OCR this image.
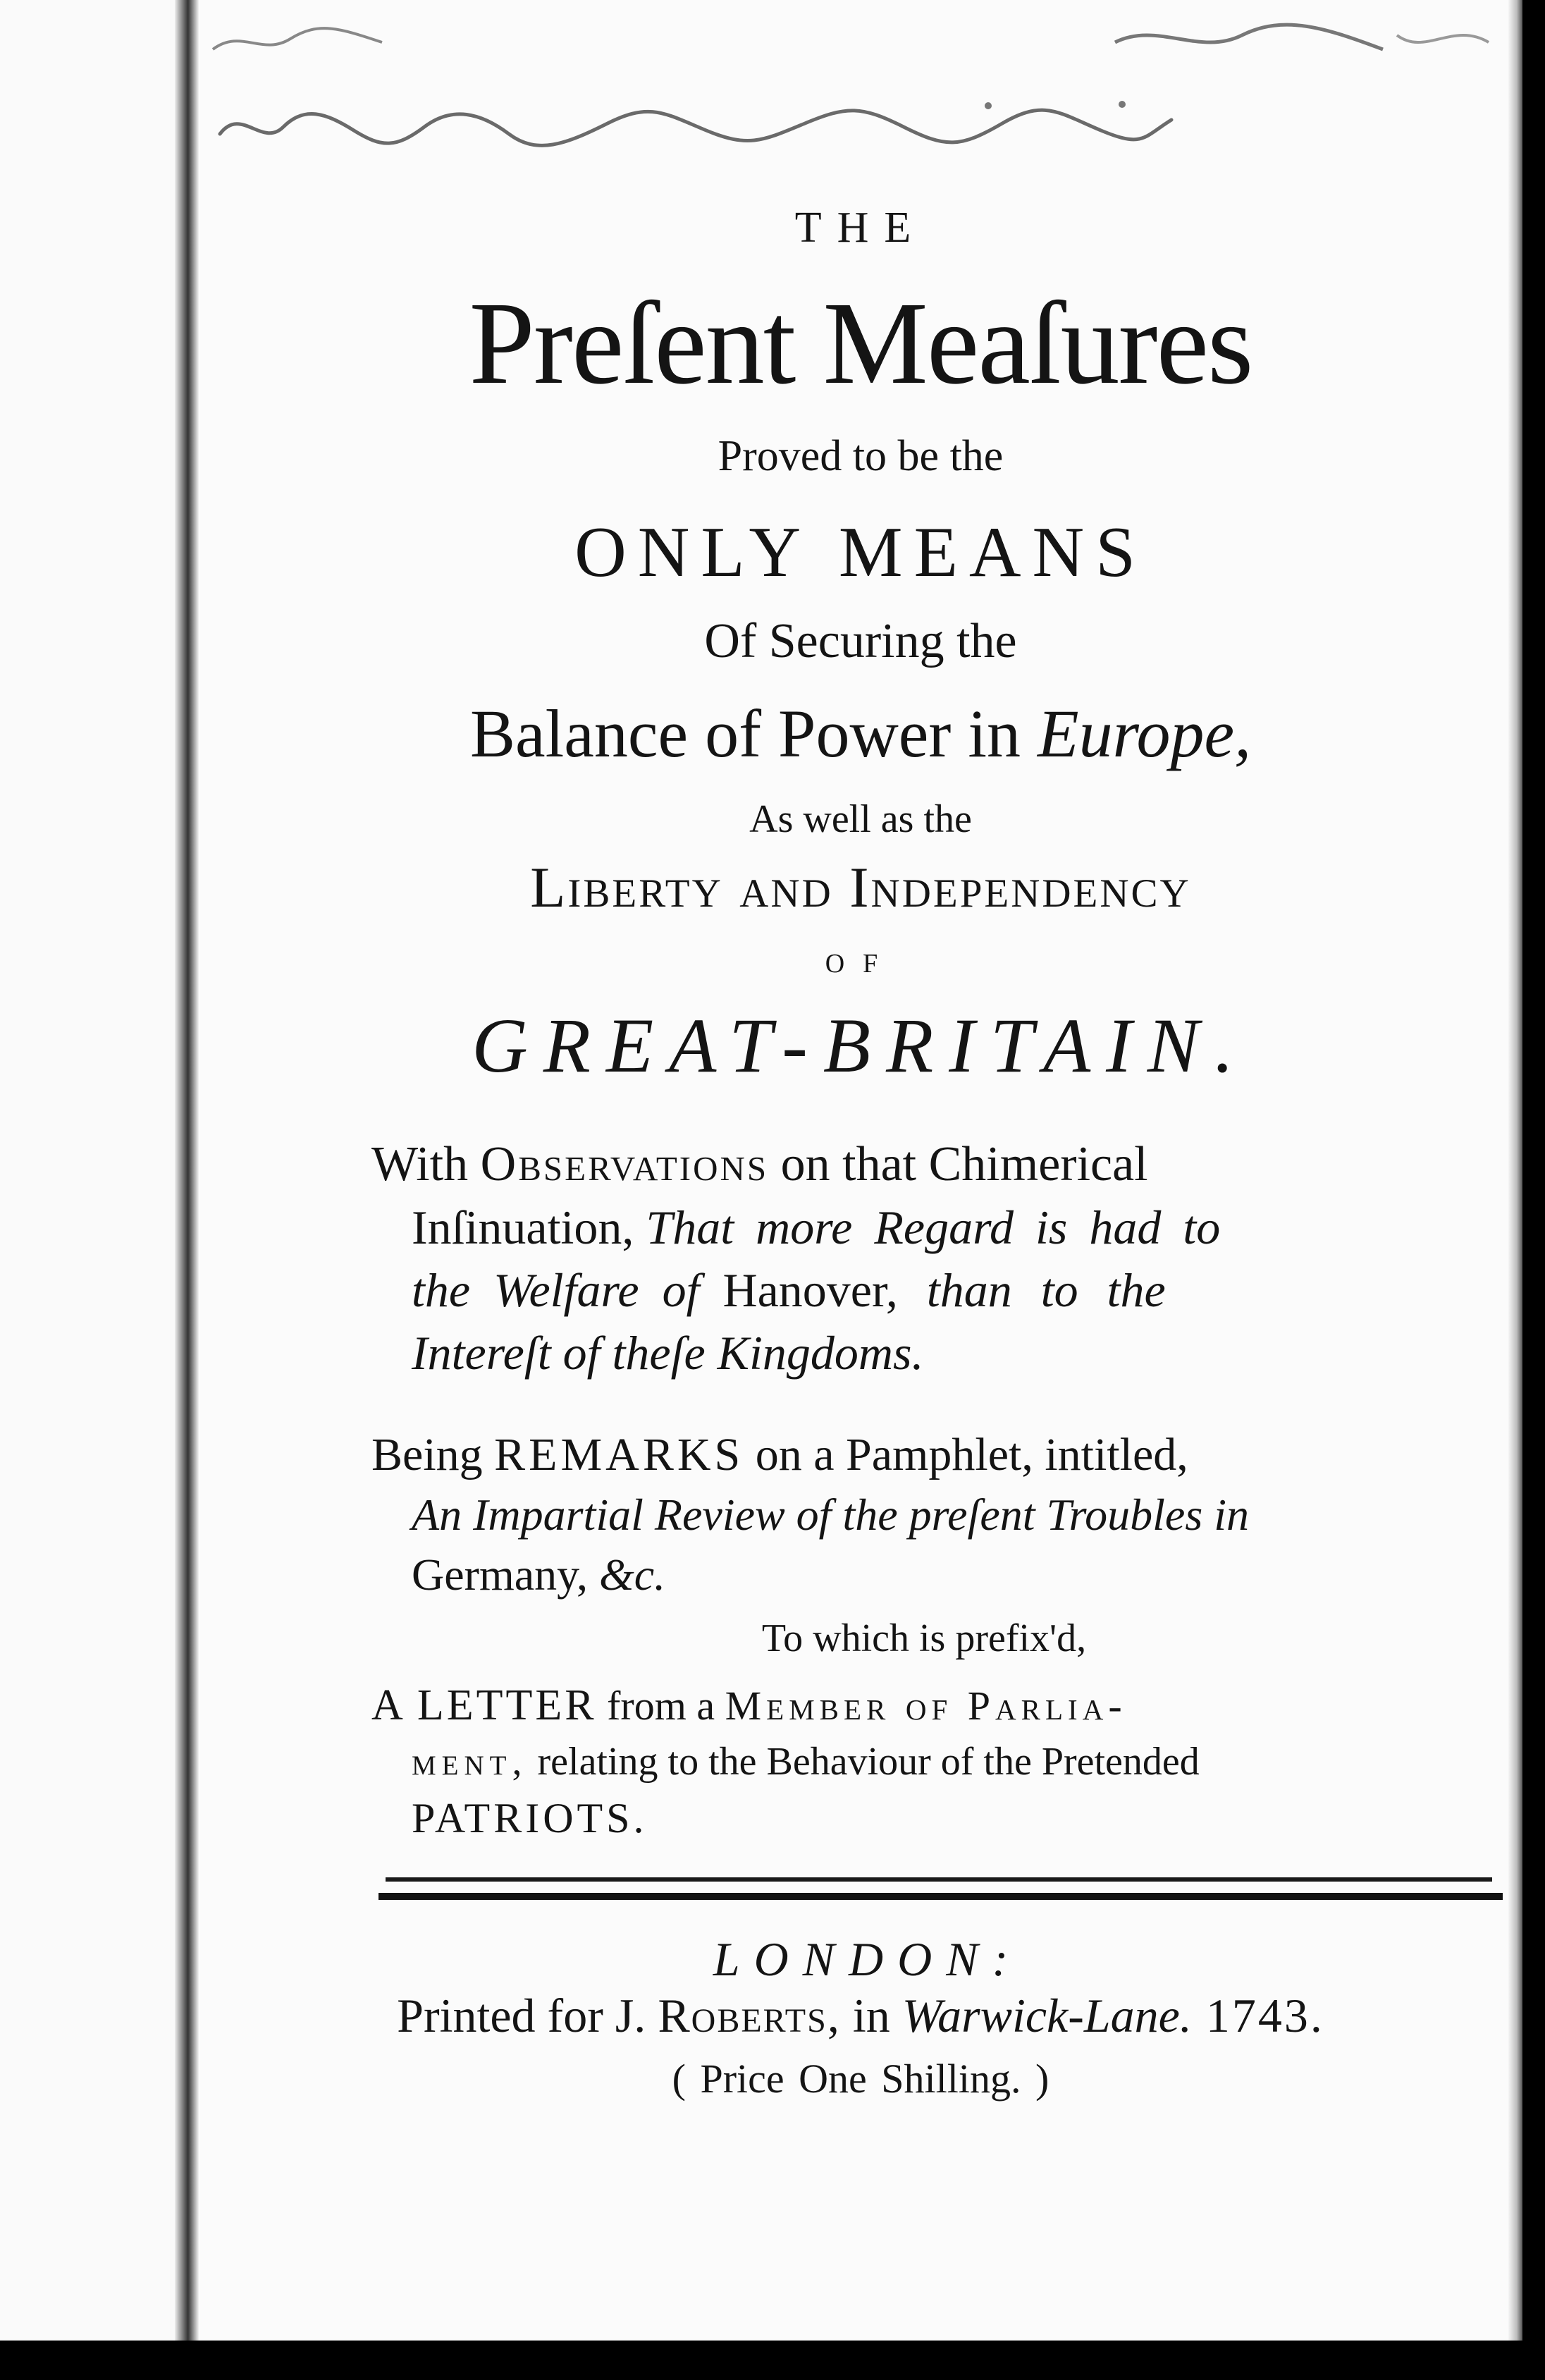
THE
Preſent Meaſures
Proved to be the
ONLY MEANS
Of Securing the
Balance of Power in Europe,
As well as the
Liberty and Independency
OF
GREAT-BRITAIN.
With Observations on that Chimerical
Inſinuation, That more Regard is had to
the Welfare of Hanover, than to the
Intereſt of theſe Kingdoms.
Being REMARKS on a Pamphlet, intitled,
An Impartial Review of the preſent Troubles in
Germany, &c.
To which is prefix'd,
A LETTER from a Member of Parlia-
ment, relating to the Behaviour of the Pretended
PATRIOTS.
LONDON:
Printed for J. Roberts, in Warwick-Lane. 1743.
( Price One Shilling. )
